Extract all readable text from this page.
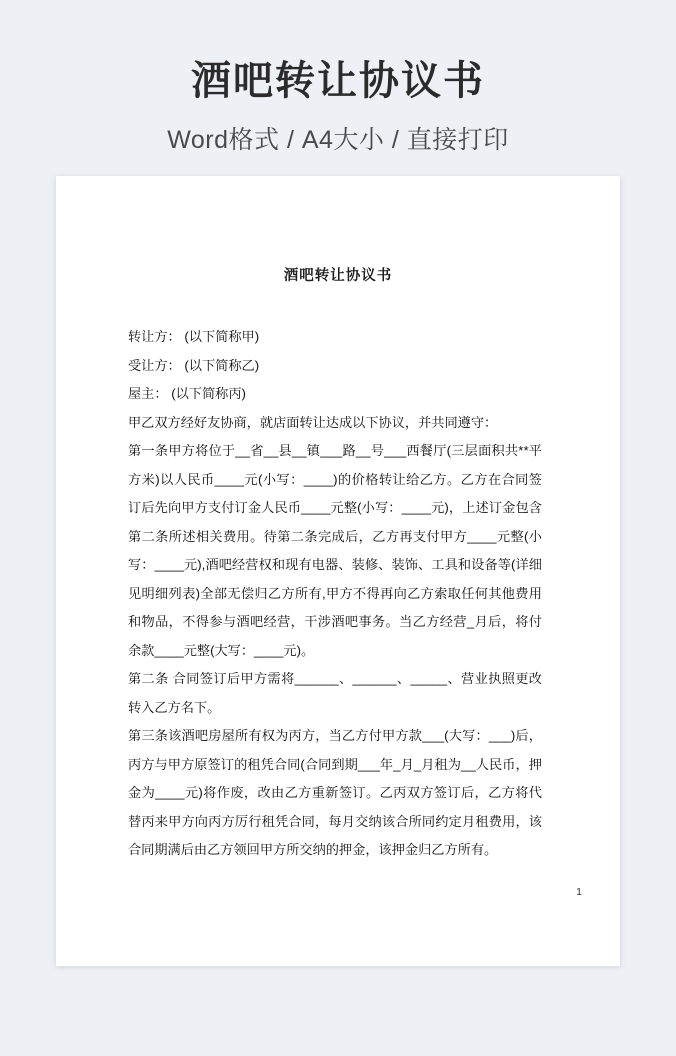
酒吧转让协议书
Word格式 / A4大小 / 直接打印
酒吧转让协议书

转让方： (以下简称甲)

受让方： (以下简称乙)

屋主： (以下简称丙)

甲乙双方经好友协商，就店面转让达成以下协议，并共同遵守：

第一条甲方将位于__省__县__镇___路__号___西餐厅(三层面积共**平方米)以人民币____元(小写：____)的价格转让给乙方。乙方在合同签订后先向甲方支付订金人民币____元整(小写：____元)，上述订金包含第二条所述相关费用。待第二条完成后，乙方再支付甲方____元整(小写：____元),酒吧经营权和现有电器、装修、装饰、工具和设备等(详细见明细列表)全部无偿归乙方所有,甲方不得再向乙方索取任何其他费用和物品，不得参与酒吧经营，干涉酒吧事务。当乙方经营_月后，将付余款____元整(大写：____元)。

第二条 合同签订后甲方需将______、______、_____、营业执照更改转入乙方名下。

第三条该酒吧房屋所有权为丙方，当乙方付甲方款___(大写：___)后，丙方与甲方原签订的租凭合同(合同到期___年_月_月租为__人民币，押金为____元)将作废，改由乙方重新签订。乙丙双方签订后，乙方将代替丙来甲方向丙方厉行租凭合同，每月交纳该合所同约定月租费用，该合同期满后由乙方领回甲方所交纳的押金，该押金归乙方所有。

1
